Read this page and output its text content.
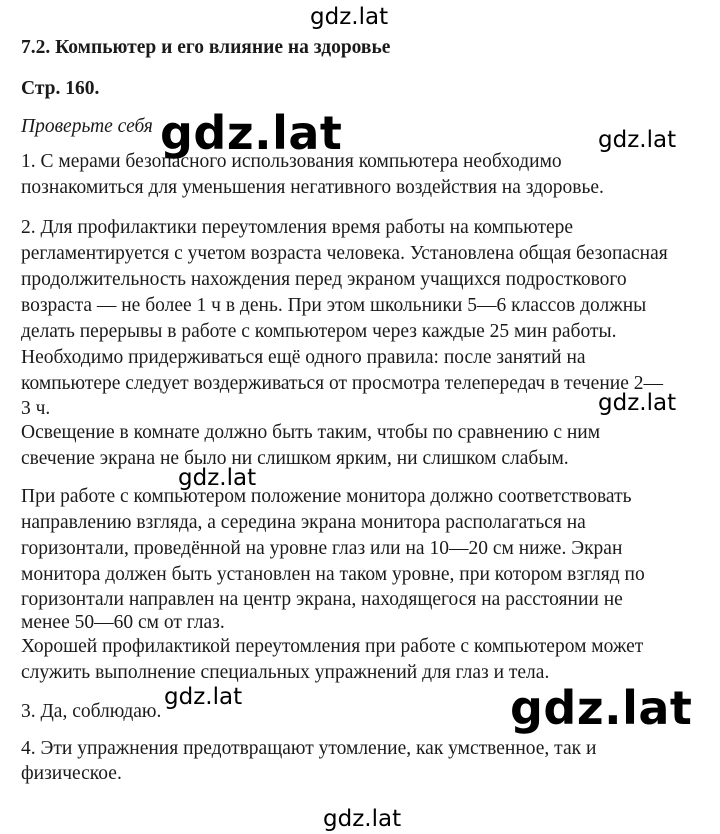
7.2. Компьютер и его влияние на здоровье
Стр. 160.
Проверьте себя
1. С мерами безопасного использования компьютера необходимо
познакомиться для уменьшения негативного воздействия на здоровье.
2. Для профилактики переутомления время работы на компьютере
регламентируется с учетом возраста человека. Установлена общая безопасная
продолжительность нахождения перед экраном учащихся подросткового
возраста — не более 1 ч в день. При этом школьники 5—6 классов должны
делать перерывы в работе с компьютером через каждые 25 мин работы.
Необходимо придерживаться ещё одного правила: после занятий на
компьютере следует воздерживаться от просмотра телепередач в течение 2—
3 ч.
Освещение в комнате должно быть таким, чтобы по сравнению с ним
свечение экрана не было ни слишком ярким, ни слишком слабым.
При работе с компьютером положение монитора должно соответствовать
направлению взгляда, а середина экрана монитора располагаться на
горизонтали, проведённой на уровне глаз или на 10—20 см ниже. Экран
монитора должен быть установлен на таком уровне, при котором взгляд по
горизонтали направлен на центр экрана, находящегося на расстоянии не
менее 50—60 см от глаз.
Хорошей профилактикой переутомления при работе с компьютером может
служить выполнение специальных упражнений для глаз и тела.
3. Да, соблюдаю.
4. Эти упражнения предотвращают утомление, как умственное, так и
физическое.
gdz.lat
gdz.lat	gdz.lat
gdz.lat
gdz.lat
gdz.lat	gdz.lat
gdz.lat
